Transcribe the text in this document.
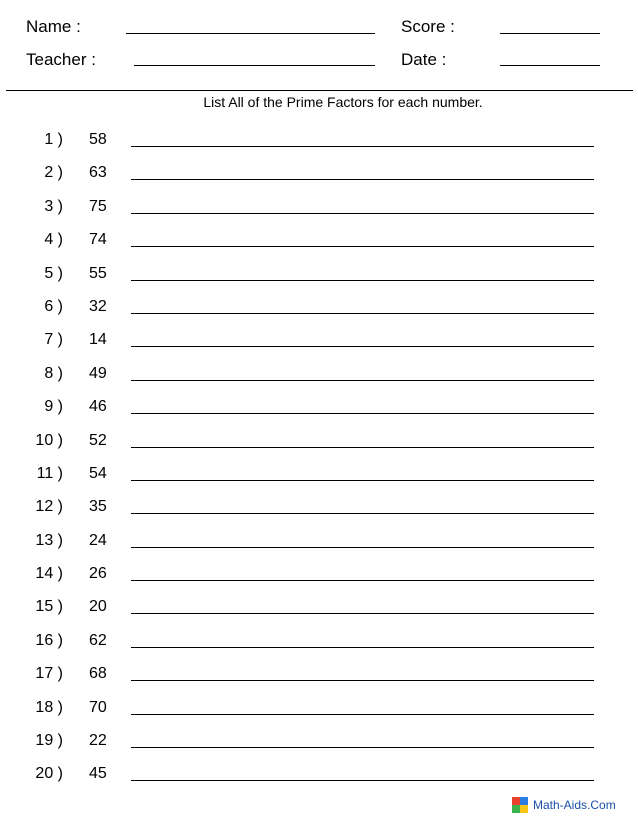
Name :	Score :
Teacher :	Date :
List All of the Prime Factors for each number.
1 ) 58
2 ) 63
3 ) 75
4 ) 74
5 ) 55
6 ) 32
7 ) 14
8 ) 49
9 ) 46
10 ) 52
11 ) 54
12 ) 35
13 ) 24
14 ) 26
15 ) 20
16 ) 62
17 ) 68
18 ) 70
19 ) 22
20 ) 45
Math-Aids.Com
